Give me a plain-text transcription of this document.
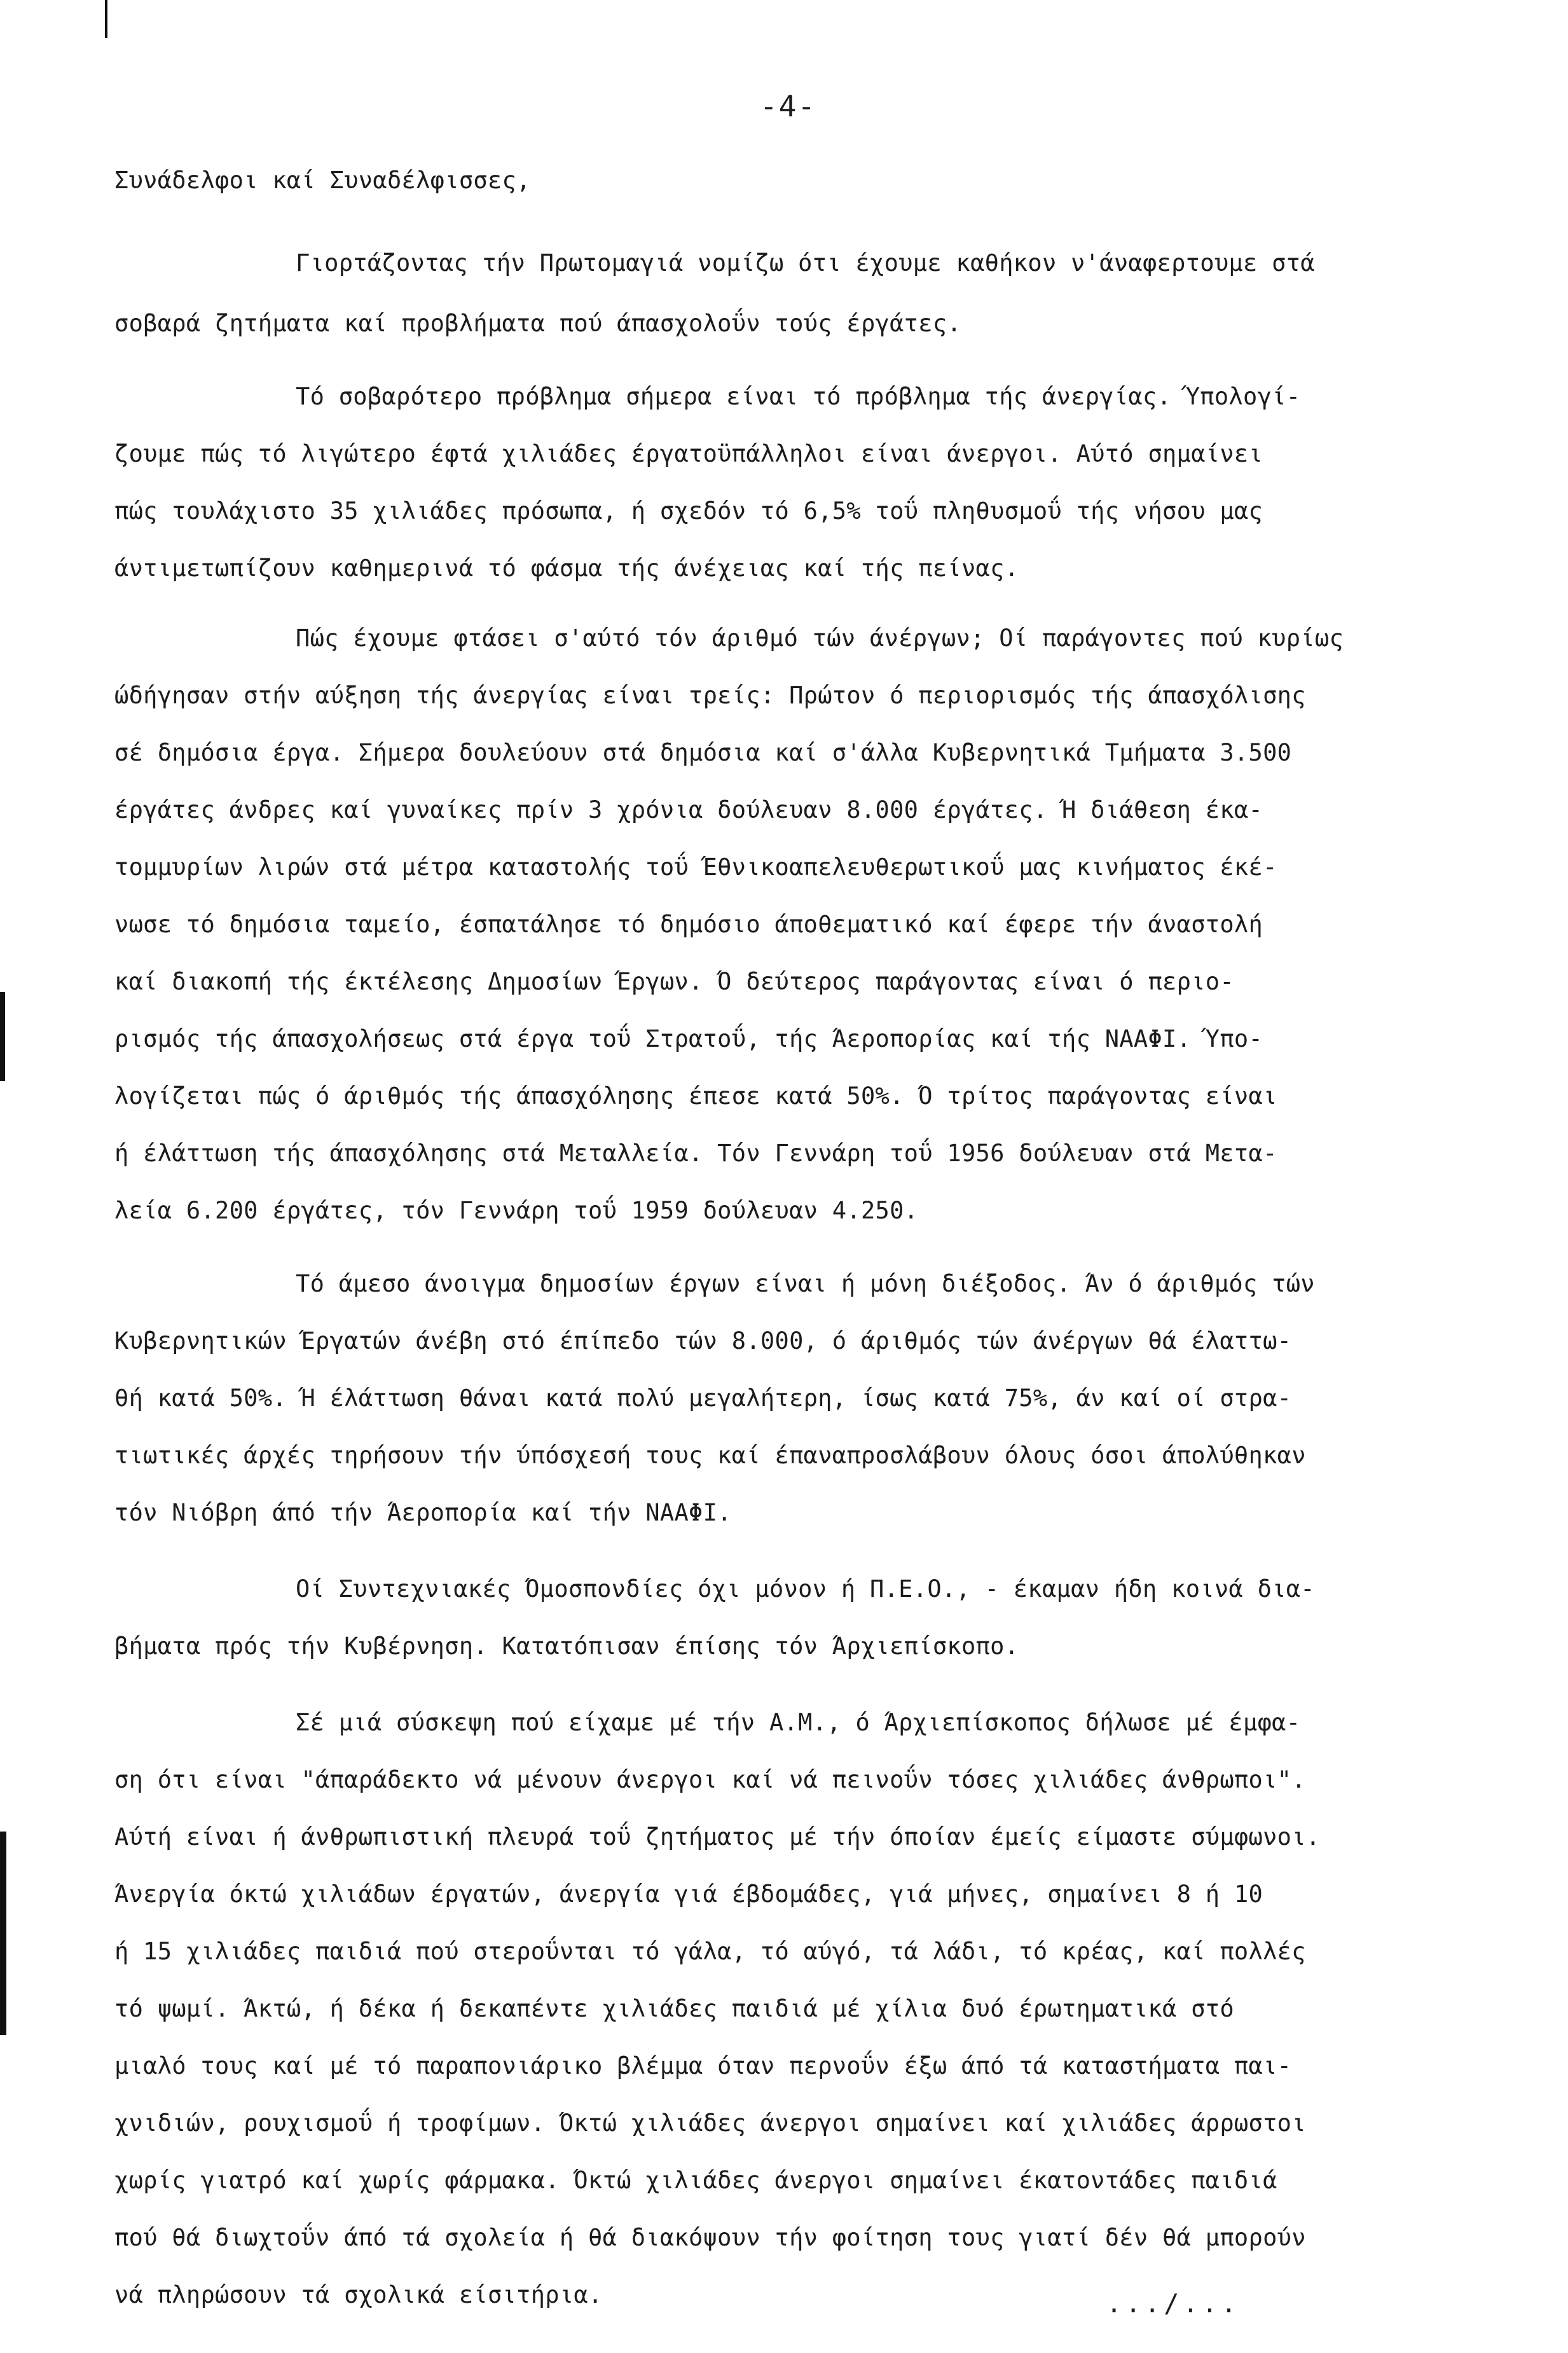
-4-
Συνάδελφοι καί Συναδέλφισσες,
Γιορτάζοντας τήν Πρωτομαγιά νομίζω ότι έχουμε καθήκον ν'άναφερτουμε στά
σοβαρά ζητήματα καί προβλήματα πού άπασχολοΰν τούς έργάτες.
Τό σοβαρότερο πρόβλημα σήμερα είναι τό πρόβλημα τής άνεργίας. Ύπολογί-
ζουμε πώς τό λιγώτερο έφτά χιλιάδες έργατοϋπάλληλοι είναι άνεργοι. Αύτό σημαίνει
πώς τουλάχιστο 35 χιλιάδες πρόσωπα, ή σχεδόν τό 6,5% τοΰ πληθυσμοΰ τής νήσου μας
άντιμετωπίζουν καθημερινά τό φάσμα τής άνέχειας καί τής πείνας.
Πώς έχουμε φτάσει σ'αύτό τόν άριθμό τών άνέργων; Οί παράγοντες πού κυρίως
ώδήγησαν στήν αύξηση τής άνεργίας είναι τρείς: Πρώτον ό περιορισμός τής άπασχόλισης
σέ δημόσια έργα. Σήμερα δουλεύουν στά δημόσια καί σ'άλλα Κυβερνητικά Τμήματα 3.500
έργάτες άνδρες καί γυναίκες πρίν 3 χρόνια δούλευαν 8.000 έργάτες. Ή διάθεση έκα-
τομμυρίων λιρών στά μέτρα καταστολής τοΰ Έθνικοαπελευθερωτικοΰ μας κινήματος έκέ-
νωσε τό δημόσια ταμείο, έσπατάλησε τό δημόσιο άποθεματικό καί έφερε τήν άναστολή
καί διακοπή τής έκτέλεσης Δημοσίων Έργων. Ό δεύτερος παράγοντας είναι ό περιο-
ρισμός τής άπασχολήσεως στά έργα τοΰ Στρατοΰ, τής Άεροπορίας καί τής ΝΑΑΦΙ. Ύπο-
λογίζεται πώς ό άριθμός τής άπασχόλησης έπεσε κατά 50%. Ό τρίτος παράγοντας είναι
ή έλάττωση τής άπασχόλησης στά Μεταλλεία. Τόν Γεννάρη τοΰ 1956 δούλευαν στά Μετα-
λεία 6.200 έργάτες, τόν Γεννάρη τοΰ 1959 δούλευαν 4.250.
Τό άμεσο άνοιγμα δημοσίων έργων είναι ή μόνη διέξοδος. Άν ό άριθμός τών
Κυβερνητικών Έργατών άνέβη στό έπίπεδο τών 8.000, ό άριθμός τών άνέργων θά έλαττω-
θή κατά 50%. Ή έλάττωση θάναι κατά πολύ μεγαλήτερη, ίσως κατά 75%, άν καί οί στρα-
τιωτικές άρχές τηρήσουν τήν ύπόσχεσή τους καί έπαναπροσλάβουν όλους όσοι άπολύθηκαν
τόν Νιόβρη άπό τήν Άεροπορία καί τήν ΝΑΑΦΙ.
Οί Συντεχνιακές Όμοσπονδίες όχι μόνον ή Π.Ε.Ο., - έκαμαν ήδη κοινά δια-
βήματα πρός τήν Κυβέρνηση. Κατατόπισαν έπίσης τόν Άρχιεπίσκοπο.
Σέ μιά σύσκεψη πού είχαμε μέ τήν Α.Μ., ό Άρχιεπίσκοπος δήλωσε μέ έμφα-
ση ότι είναι "άπαράδεκτο νά μένουν άνεργοι καί νά πεινοΰν τόσες χιλιάδες άνθρωποι".
Αύτή είναι ή άνθρωπιστική πλευρά τοΰ ζητήματος μέ τήν όποίαν έμείς είμαστε σύμφωνοι.
Άνεργία όκτώ χιλιάδων έργατών, άνεργία γιά έβδομάδες, γιά μήνες, σημαίνει 8 ή 10
ή 15 χιλιάδες παιδιά πού στεροΰνται τό γάλα, τό αύγό, τά λάδι, τό κρέας, καί πολλές
τό ψωμί. Άκτώ, ή δέκα ή δεκαπέντε χιλιάδες παιδιά μέ χίλια δυό έρωτηματικά στό
μιαλό τους καί μέ τό παραπονιάρικο βλέμμα όταν περνοΰν έξω άπό τά καταστήματα παι-
χνιδιών, ρουχισμοΰ ή τροφίμων. Όκτώ χιλιάδες άνεργοι σημαίνει καί χιλιάδες άρρωστοι
χωρίς γιατρό καί χωρίς φάρμακα. Όκτώ χιλιάδες άνεργοι σημαίνει έκατοντάδες παιδιά
πού θά διωχτοΰν άπό τά σχολεία ή θά διακόψουν τήν φοίτηση τους γιατί δέν θά μπορούν
νά πληρώσουν τά σχολικά είσιτήρια.	.../...
